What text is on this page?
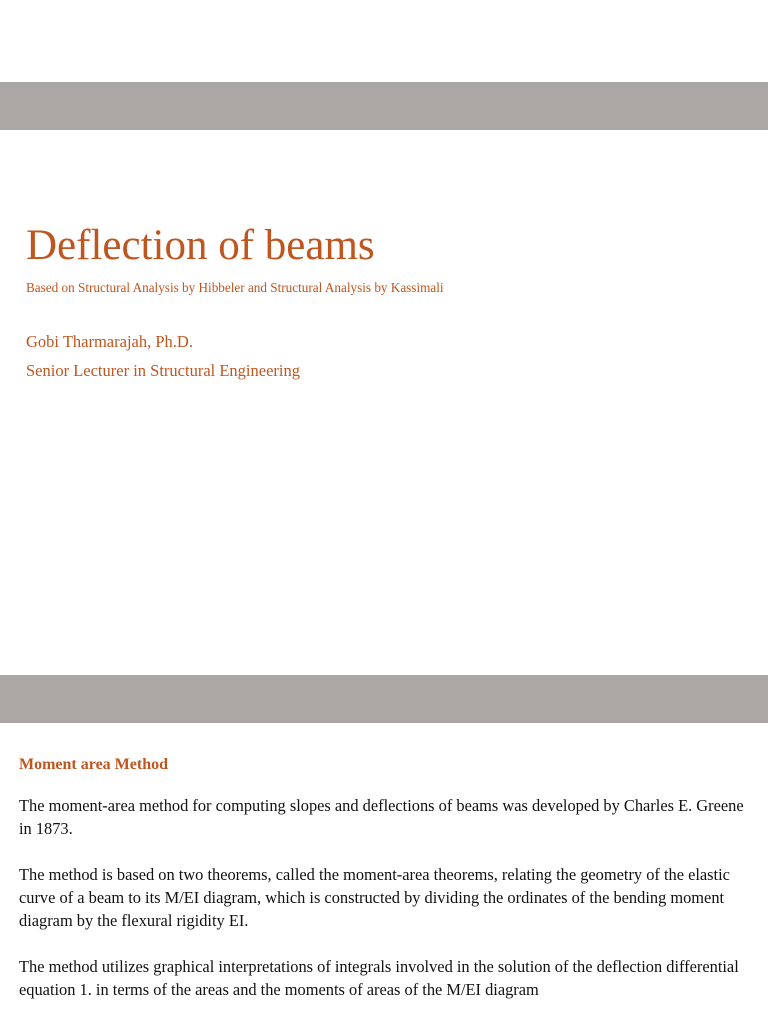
Deflection of beams
Based on Structural Analysis by Hibbeler and Structural Analysis by Kassimali
Gobi Tharmarajah, Ph.D.
Senior Lecturer in Structural Engineering
Moment area Method

The moment-area method for computing slopes and deflections of beams was developed by Charles E. Greene in 1873.

The method is based on two theorems, called the moment-area theorems, relating the geometry of the elastic curve of a beam to its M/EI diagram, which is constructed by dividing the ordinates of the bending moment diagram by the flexural rigidity EI.

The method utilizes graphical interpretations of integrals involved in the solution of the deflection differential equation 1. in terms of the areas and the moments of areas of the M/EI diagram
